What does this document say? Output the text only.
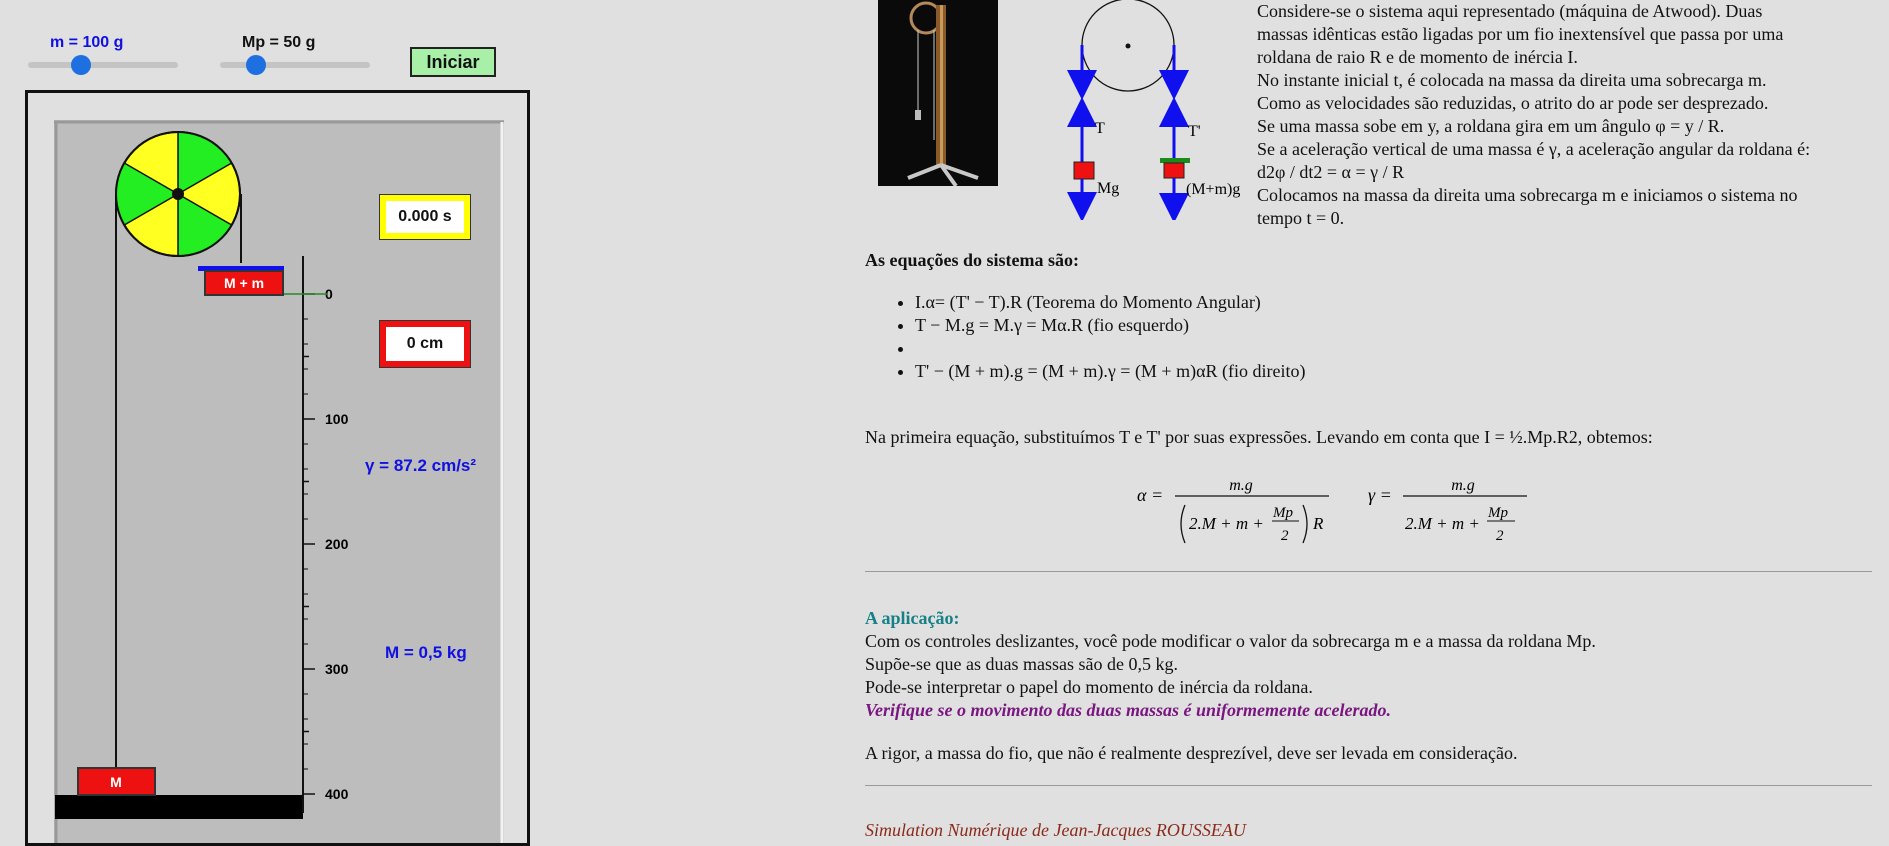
m = 100 g	Mp = 50 g
Iniciar
0
100
200
300
400
M + m
M
0.000 s
0 cm
γ = 87.2 cm/s²
M = 0,5 kg
T	T'
Mg	(M+m)g
Considere-se o sistema aqui representado (máquina de Atwood). Duas
massas idênticas estão ligadas por um fio inextensível que passa por uma
roldana de raio R e de momento de inércia I.
No instante inicial t, é colocada na massa da direita uma sobrecarga m.
Como as velocidades são reduzidas, o atrito do ar pode ser desprezado.
Se uma massa sobe em y, a roldana gira em um ângulo φ = y / R.
Se a aceleração vertical de uma massa é γ, a aceleração angular da roldana é:
d2φ / dt2 = α = γ / R
Colocamos na massa da direita uma sobrecarga m e iniciamos o sistema no
tempo t = 0.
As equações do sistema são:
• I.α= (T' − T).R (Teorema do Momento Angular)
• T − M.g = M.γ = Mα.R (fio esquerdo)
•
• T' − (M + m).g = (M + m).γ = (M + m)αR (fio direito)
Na primeira equação, substituímos T e T' por suas expressões. Levando em conta que I = ½.Mp.R2, obtemos:
α =	m.g
2.M + m +
Mp
2
R
γ =	m.g
2.M + m +
Mp
2
A aplicação:
Com os controles deslizantes, você pode modificar o valor da sobrecarga m e a massa da roldana Mp.
Supõe-se que as duas massas são de 0,5 kg.
Pode-se interpretar o papel do momento de inércia da roldana.
Verifique se o movimento das duas massas é uniformemente acelerado.
A rigor, a massa do fio, que não é realmente desprezível, deve ser levada em consideração.
Simulation Numérique de Jean-Jacques ROUSSEAU
